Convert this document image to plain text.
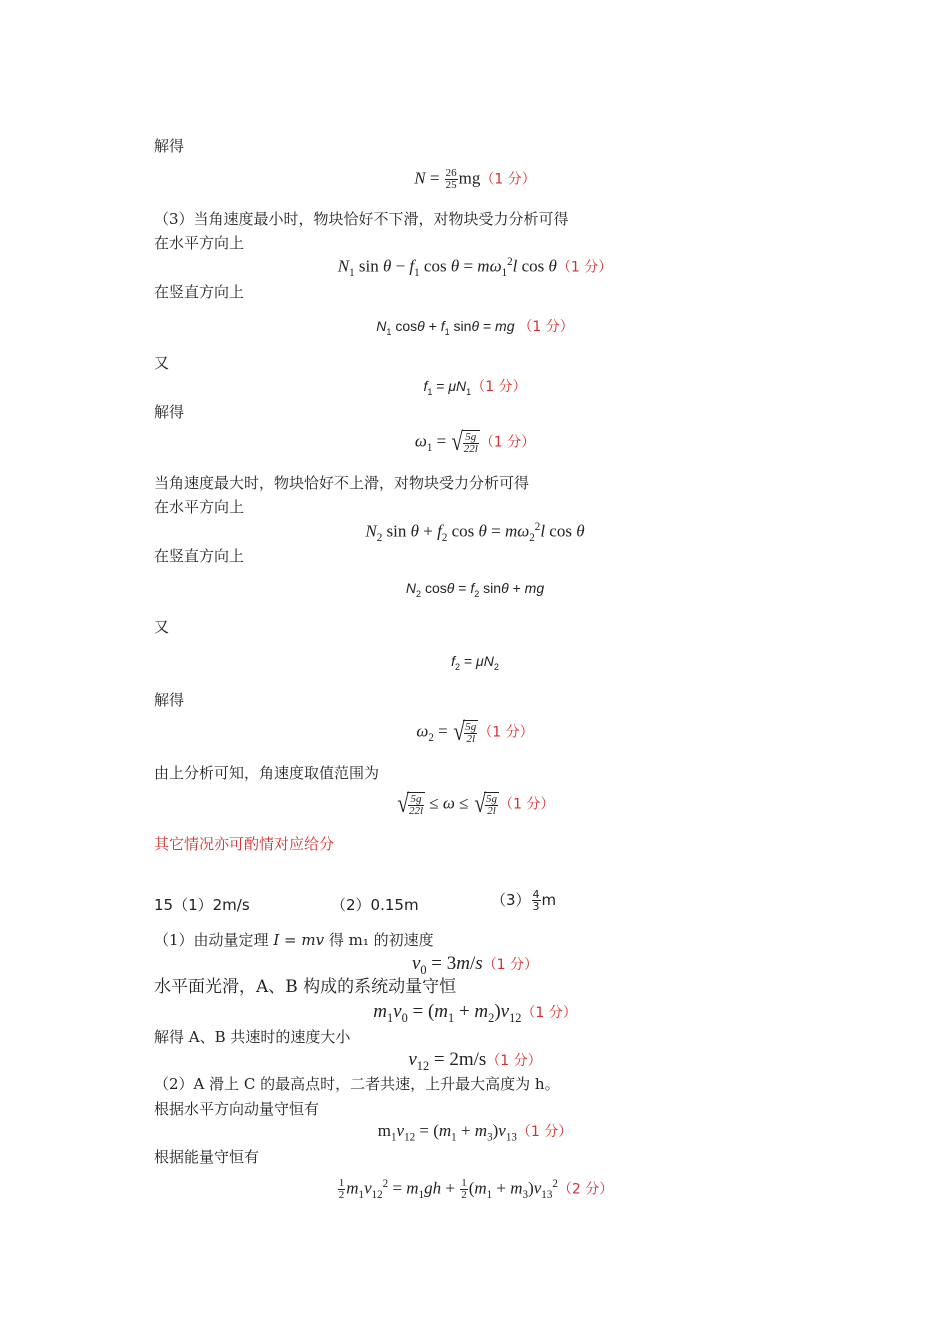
解得
$N = \frac{26}{25} mg(1$ 分）
（3）当角速度最小时，物块恰好不下滑，对物块受力分析可得
在水平方向上
$N_1$ $\sin \theta - f_1$ $\cos \theta = m\omega_1^2l$ cos θ（1 分）
在竖直方向上
$N_1$ $\cos\theta + f_1$ sinθ = mg （1 分）
又
$f_1 = \mu N_1(1$ 分）
解得
$\omega_1$ = √ $\frac{5g}{22l} (1$ 分）
当角速度最大时，物块恰好不上滑，对物块受力分析可得
在水平方向上
$N_2$ $\sin \theta + f_2$ $\cos \theta = m\omega_2^2l$ cos θ
在竖直方向上
$N_2$ $\cos\theta = f_2$ sinθ + mg
又
$f_2 = \mu N_2$
解得
$\omega_2$ = √ $\frac{5g}{2l} (1$ 分）
由上分析可知，角速度取值范围为
√ $\frac{5g}{22l} \le \omega$ ≤ √ $\frac{5g}{2l} (1$ 分）
其它情况亦可酌情对应给分
15（1）2m/s	（2）0.15m	$(3) \frac{4}{3}$ m
（1）由动量定理 I = mv 得 m₁ 的初速度
$v_0 = 3m/s(1$ 分）
水平面光滑，A、B 构成的系统动量守恒
$m_1v_0 = (m_1 + m_2)v_{12}(1$ 分）
解得 A、B 共速时的速度大小
$v_{12} = 2m/s(1$ 分）
（2）A 滑上 C 的最高点时，二者共速，上升最大高度为 h。
根据水平方向动量守恒有
$m_1v_{12} = (m_1 + m_3)v_{13}(1$ 分）
根据能量守恒有
$\frac{1}{2} m_1v_{12}^2 = m_1gh + \frac{1}{2} (m_1 + m_3)v_{13}^2(2$ 分）
